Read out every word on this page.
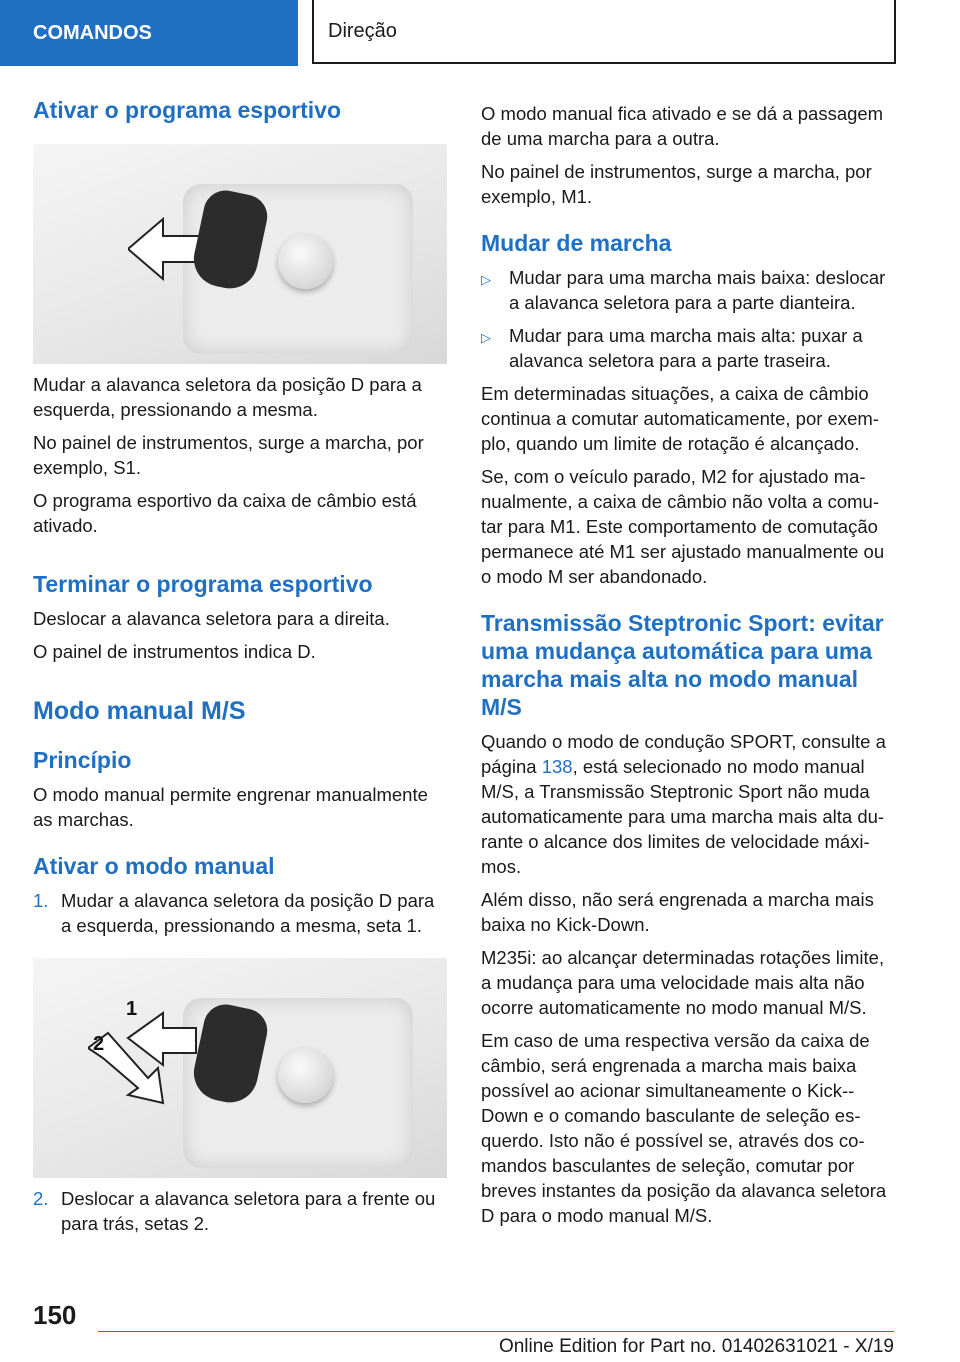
COMANDOS	Direção
Ativar o programa esportivo

Mudar a alavanca seletora da posição D para a esquerda, pressionando a mesma.

No painel de instrumentos, surge a marcha, por exemplo, S1.

O programa esportivo da caixa de câmbio está ativado.

Terminar o programa esportivo

Deslocar a alavanca seletora para a direita.

O painel de instrumentos indica D.

Modo manual M/S
Princípio

O modo manual permite engrenar manualmente as marchas.

Ativar o modo manual
1. Mudar a alavanca seletora da posição D para a esquerda, pressionando a mesma, seta 1.
1
2
2. Deslocar a alavanca seletora para a frente ou para trás, setas 2.

O modo manual fica ativado e se dá a passagem de uma marcha para a outra.

No painel de instrumentos, surge a marcha, por exemplo, M1.

Mudar de marcha
▷ Mudar para uma marcha mais baixa: deslocar a alavanca seletora para a parte dianteira.
▷ Mudar para uma marcha mais alta: puxar a alavanca seletora para a parte traseira.

Em determinadas situações, a caixa de câmbio continua a comutar automaticamente, por exem-plo, quando um limite de rotação é alcançado.

Se, com o veículo parado, M2 for ajustado ma-nualmente, a caixa de câmbio não volta a comu-tar para M1. Este comportamento de comutação permanece até M1 ser ajustado manualmente ou o modo M ser abandonado.

Transmissão Steptronic Sport: evitar uma mudança automática para uma marcha mais alta no modo manual M/S

Quando o modo de condução SPORT, consulte a página 138, está selecionado no modo manual M/S, a Transmissão Steptronic Sport não muda automaticamente para uma marcha mais alta du-rante o alcance dos limites de velocidade máxi-mos.

Além disso, não será engrenada a marcha mais baixa no Kick-Down.

M235i: ao alcançar determinadas rotações limite, a mudança para uma velocidade mais alta não ocorre automaticamente no modo manual M/S.

Em caso de uma respectiva versão da caixa de câmbio, será engrenada a marcha mais baixa possível ao acionar simultaneamente o Kick--Down e o comando basculante de seleção es-querdo. Isto não é possível se, através dos co-mandos basculantes de seleção, comutar por breves instantes da posição da alavanca seletora D para o modo manual M/S.

150
Online Edition for Part no. 01402631021 - X/19
